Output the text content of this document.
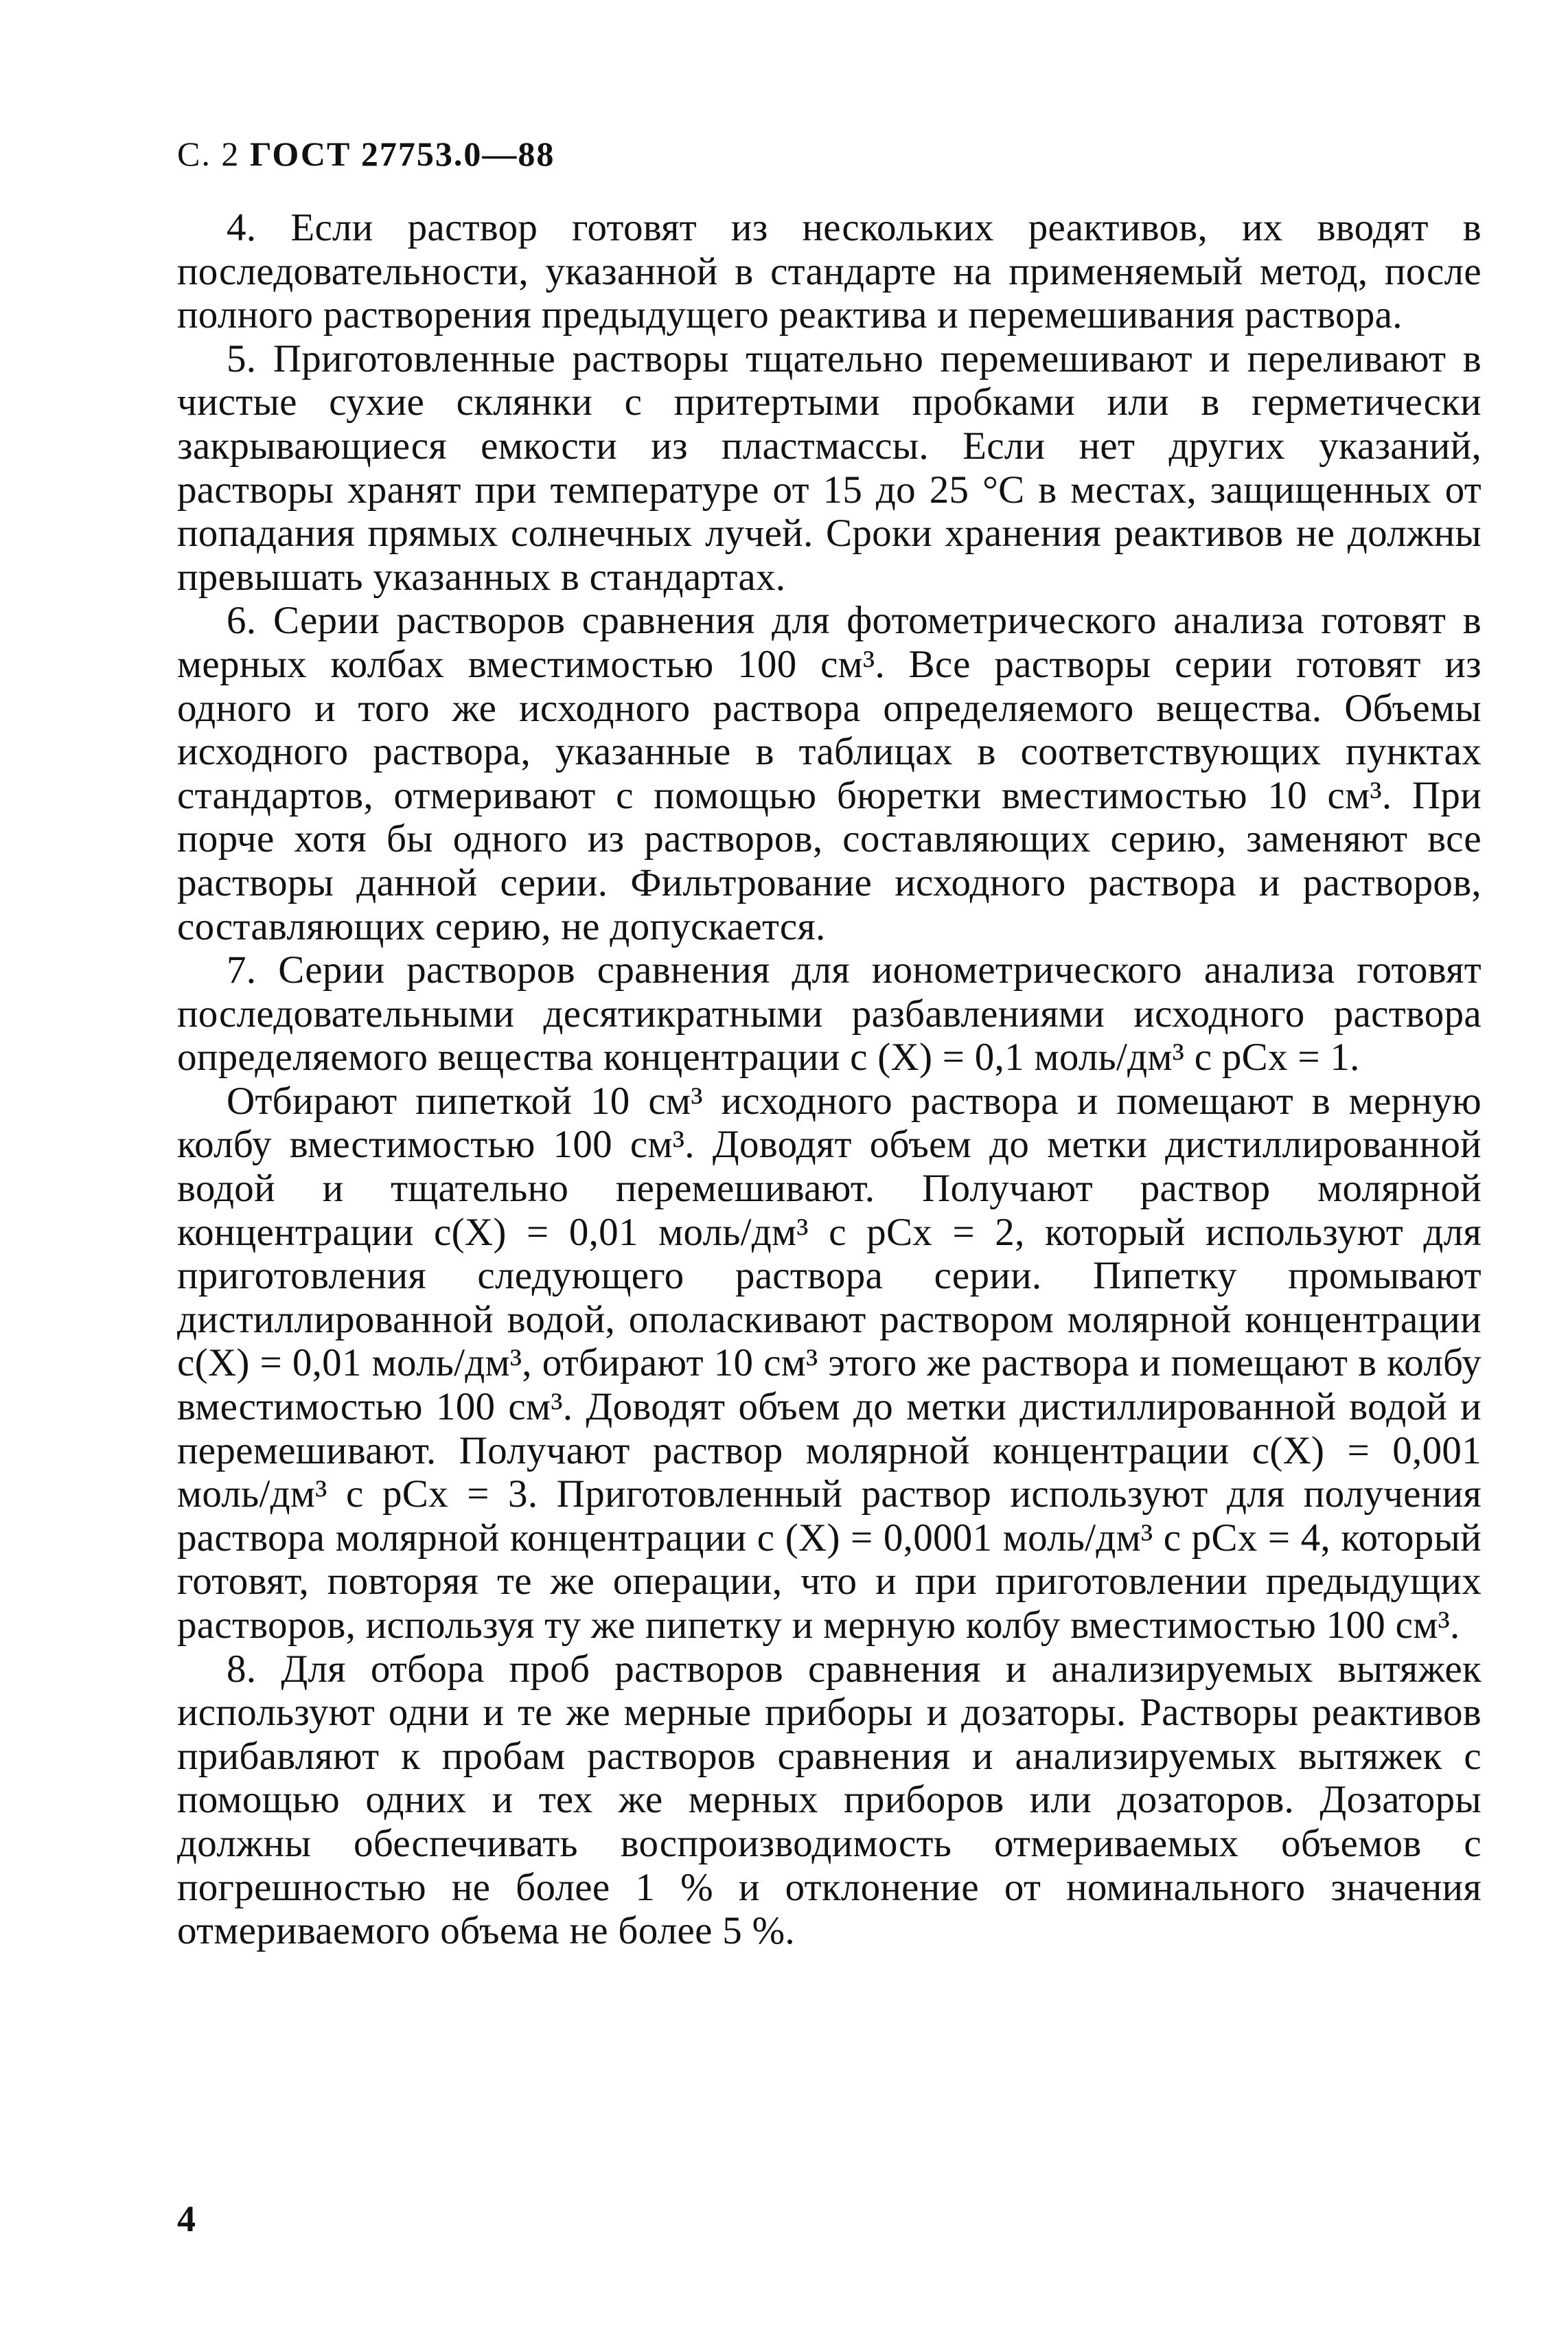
С. 2 ГОСТ 27753.0—88

4. Если раствор готовят из нескольких реактивов, их вводят в последовательности, указанной в стандарте на применяемый метод, после полного растворения предыдущего реактива и перемешивания раствора.

5. Приготовленные растворы тщательно перемешивают и переливают в чистые сухие склянки с притертыми пробками или в герметически закрывающиеся емкости из пластмассы. Если нет других указаний, растворы хранят при температуре от 15 до 25 °C в местах, защищенных от попадания прямых солнечных лучей. Сроки хранения реактивов не должны превышать указанных в стандартах.

6. Серии растворов сравнения для фотометрического анализа готовят в мерных колбах вместимостью 100 см³. Все растворы серии готовят из одного и того же исходного раствора определяемого вещества. Объемы исходного раствора, указанные в таблицах в соответствующих пунктах стандартов, отмеривают с помощью бюретки вместимостью 10 см³. При порче хотя бы одного из растворов, составляющих серию, заменяют все растворы данной серии. Фильтрование исходного раствора и растворов, составляющих серию, не допускается.

7. Серии растворов сравнения для ионометрического анализа готовят последовательными десятикратными разбавлениями исходного раствора определяемого вещества концентрации c (X) = 0,1 моль/дм³ с pCx = 1.

Отбирают пипеткой 10 см³ исходного раствора и помещают в мерную колбу вместимостью 100 см³. Доводят объем до метки дистиллированной водой и тщательно перемешивают. Получают раствор молярной концентрации c(X) = 0,01 моль/дм³ с pCx = 2, который используют для приготовления следующего раствора серии. Пипетку промывают дистиллированной водой, ополаскивают раствором молярной концентрации c(X) = 0,01 моль/дм³, отбирают 10 см³ этого же раствора и помещают в колбу вместимостью 100 см³. Доводят объем до метки дистиллированной водой и перемешивают. Получают раствор молярной концентрации c(X) = 0,001 моль/дм³ с pCx = 3. Приготовленный раствор используют для получения раствора молярной концентрации c (X) = 0,0001 моль/дм³ с pCx = 4, который готовят, повторяя те же операции, что и при приготовлении предыдущих растворов, используя ту же пипетку и мерную колбу вместимостью 100 см³.

8. Для отбора проб растворов сравнения и анализируемых вытяжек используют одни и те же мерные приборы и дозаторы. Растворы реактивов прибавляют к пробам растворов сравнения и анализируемых вытяжек с помощью одних и тех же мерных приборов или дозаторов. Дозаторы должны обеспечивать воспроизводимость отмериваемых объемов с погрешностью не более 1 % и отклонение от номинального значения отмериваемого объема не более 5 %.

4
